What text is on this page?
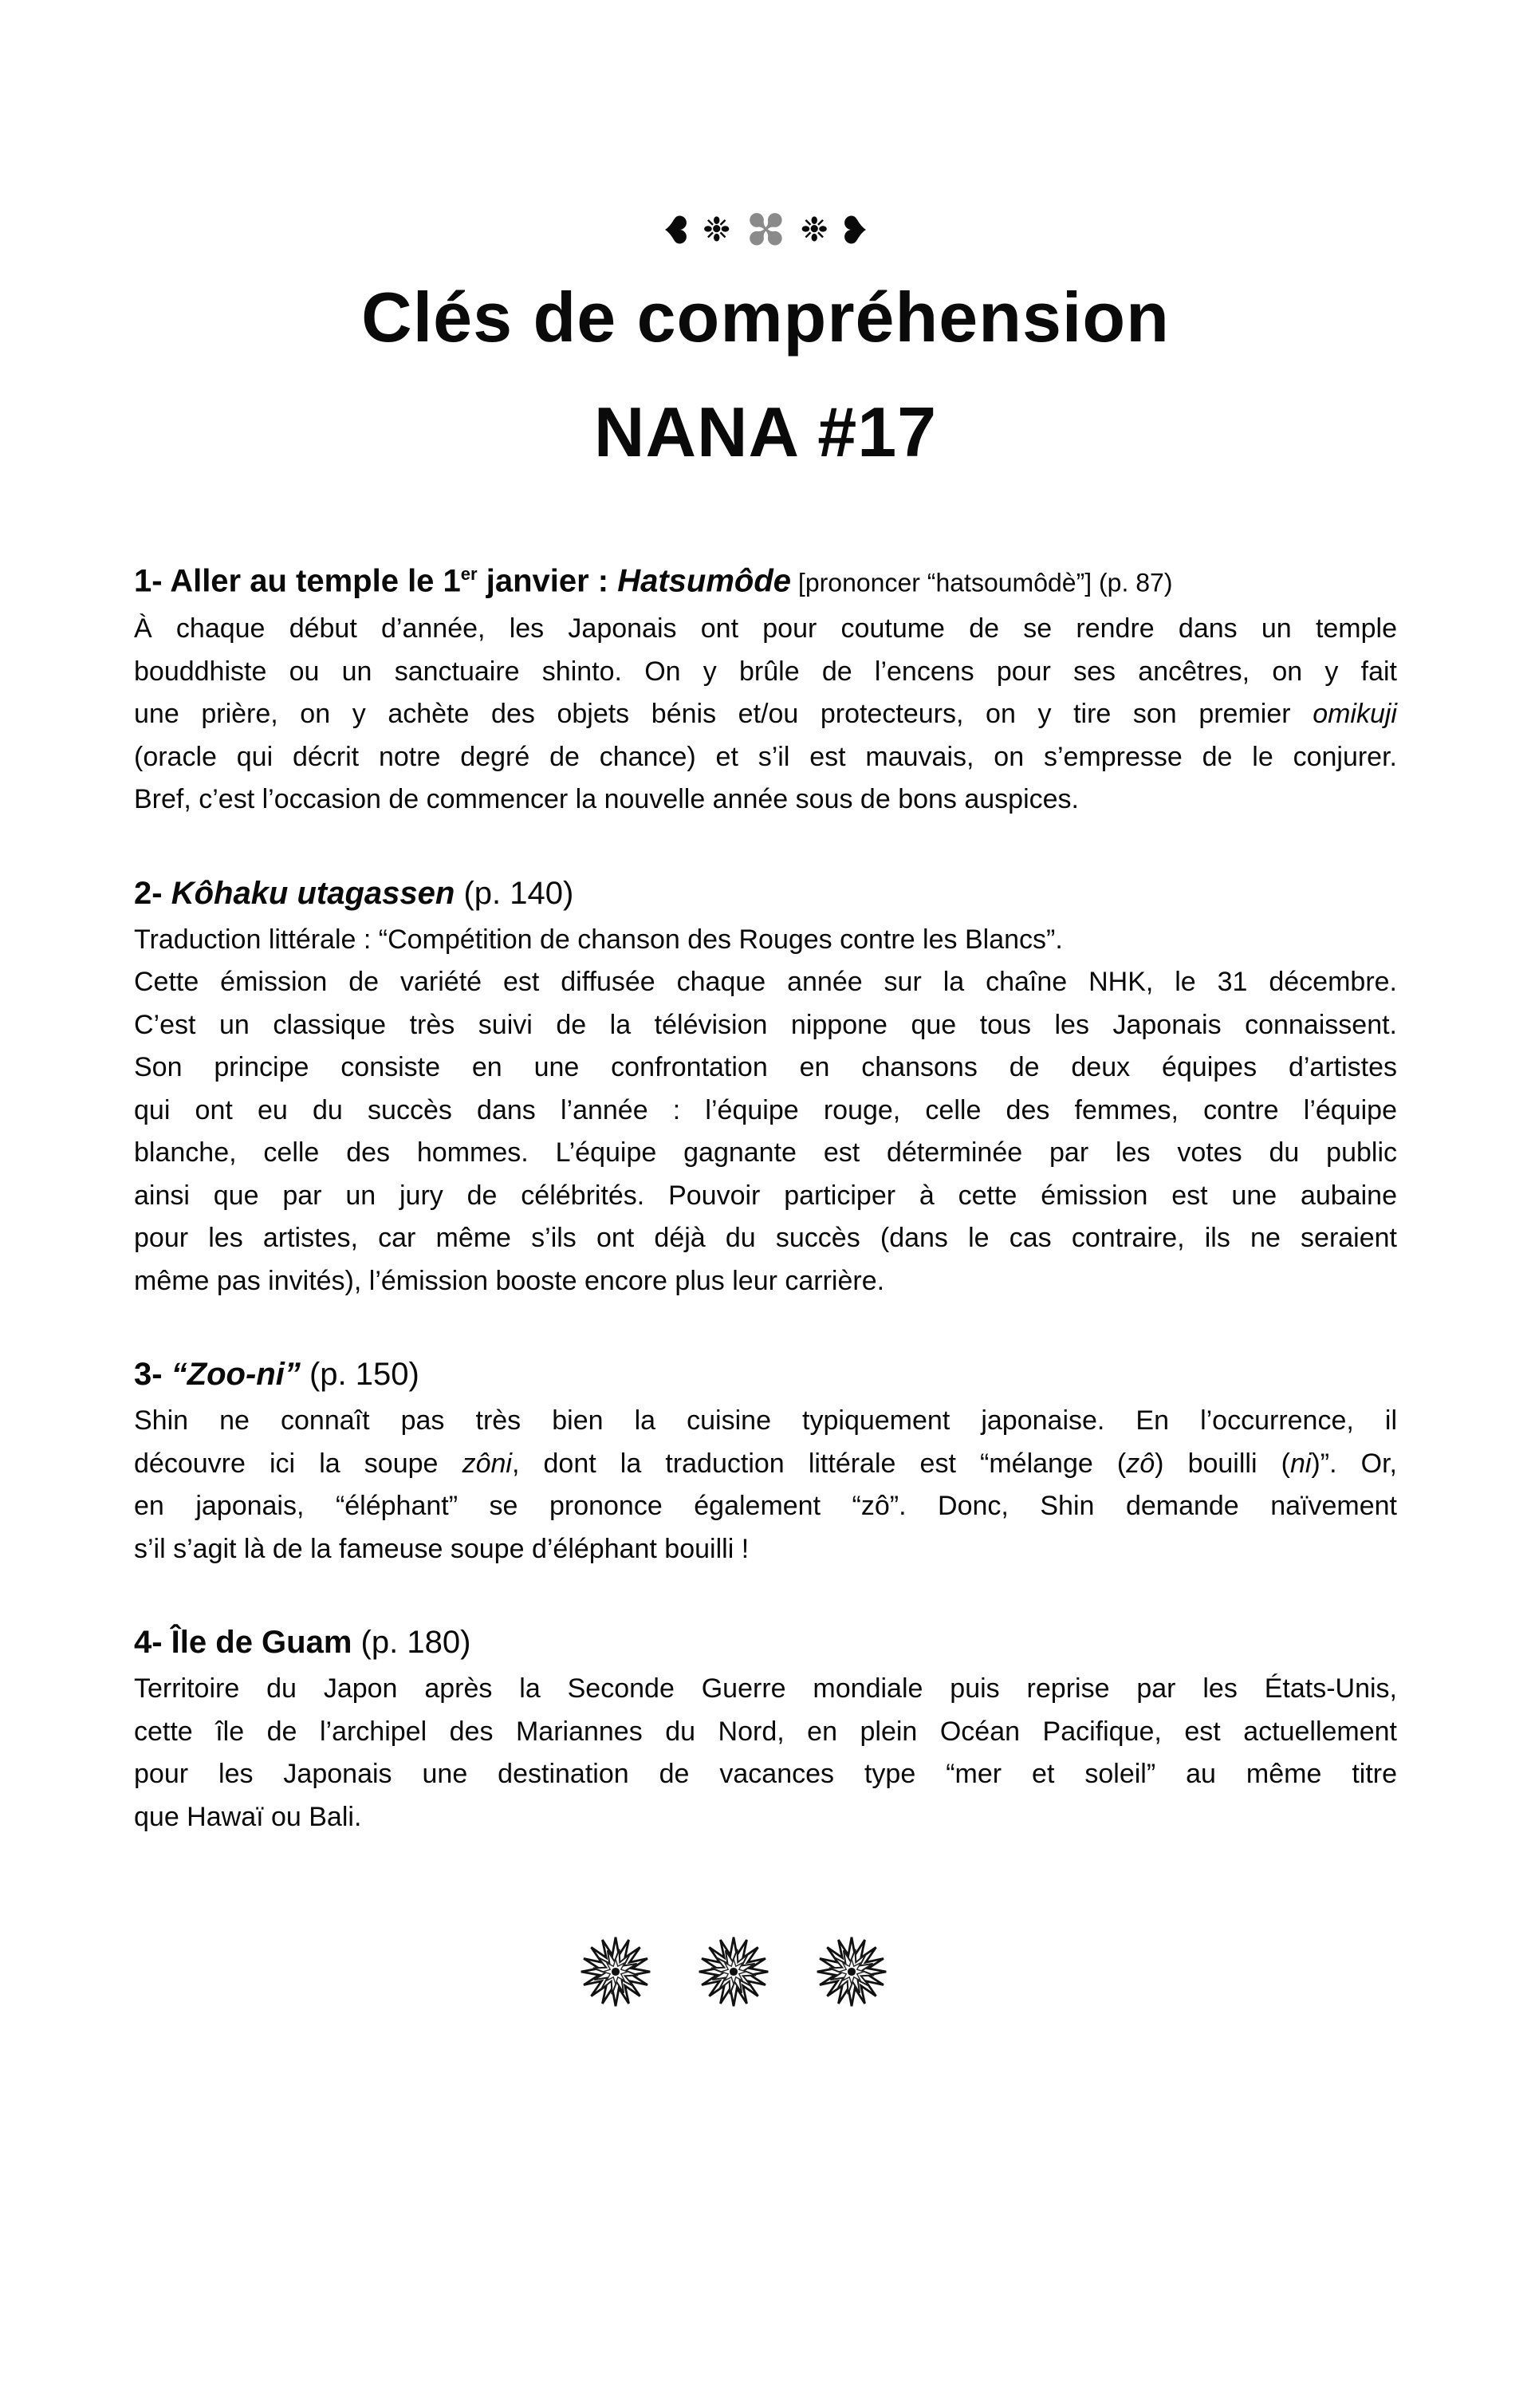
❤ ❉
✤
❉ ❤
Clés de compréhension
NANA #17
1- Aller au temple le 1er janvier : Hatsumôde [prononcer “hatsoumôdè”] (p. 87)
À chaque début d’année, les Japonais ont pour coutume de se rendre dans un temple
bouddhiste ou un sanctuaire shinto. On y brûle de l’encens pour ses ancêtres, on y fait
une prière, on y achète des objets bénis et/ou protecteurs, on y tire son premier omikuji
(oracle qui décrit notre degré de chance) et s’il est mauvais, on s’empresse de le conjurer.
Bref, c’est l’occasion de commencer la nouvelle année sous de bons auspices.
2- Kôhaku utagassen (p. 140)
Traduction littérale : “Compétition de chanson des Rouges contre les Blancs”.
Cette émission de variété est diffusée chaque année sur la chaîne NHK, le 31 décembre.
C’est un classique très suivi de la télévision nippone que tous les Japonais connaissent.
Son principe consiste en une confrontation en chansons de deux équipes d’artistes
qui ont eu du succès dans l’année : l’équipe rouge, celle des femmes, contre l’équipe
blanche, celle des hommes. L’équipe gagnante est déterminée par les votes du public
ainsi que par un jury de célébrités. Pouvoir participer à cette émission est une aubaine
pour les artistes, car même s’ils ont déjà du succès (dans le cas contraire, ils ne seraient
même pas invités), l’émission booste encore plus leur carrière.
3- “Zoo-ni” (p. 150)
Shin ne connaît pas très bien la cuisine typiquement japonaise. En l’occurrence, il
découvre ici la soupe zôni, dont la traduction littérale est “mélange (zô) bouilli (ni)”. Or,
en japonais, “éléphant” se prononce également “zô”. Donc, Shin demande naïvement
s’il s’agit là de la fameuse soupe d’éléphant bouilli !
4- Île de Guam (p. 180)
Territoire du Japon après la Seconde Guerre mondiale puis reprise par les États-Unis,
cette île de l’archipel des Mariannes du Nord, en plein Océan Pacifique, est actuellement
pour les Japonais une destination de vacances type “mer et soleil” au même titre
que Hawaï ou Bali.
